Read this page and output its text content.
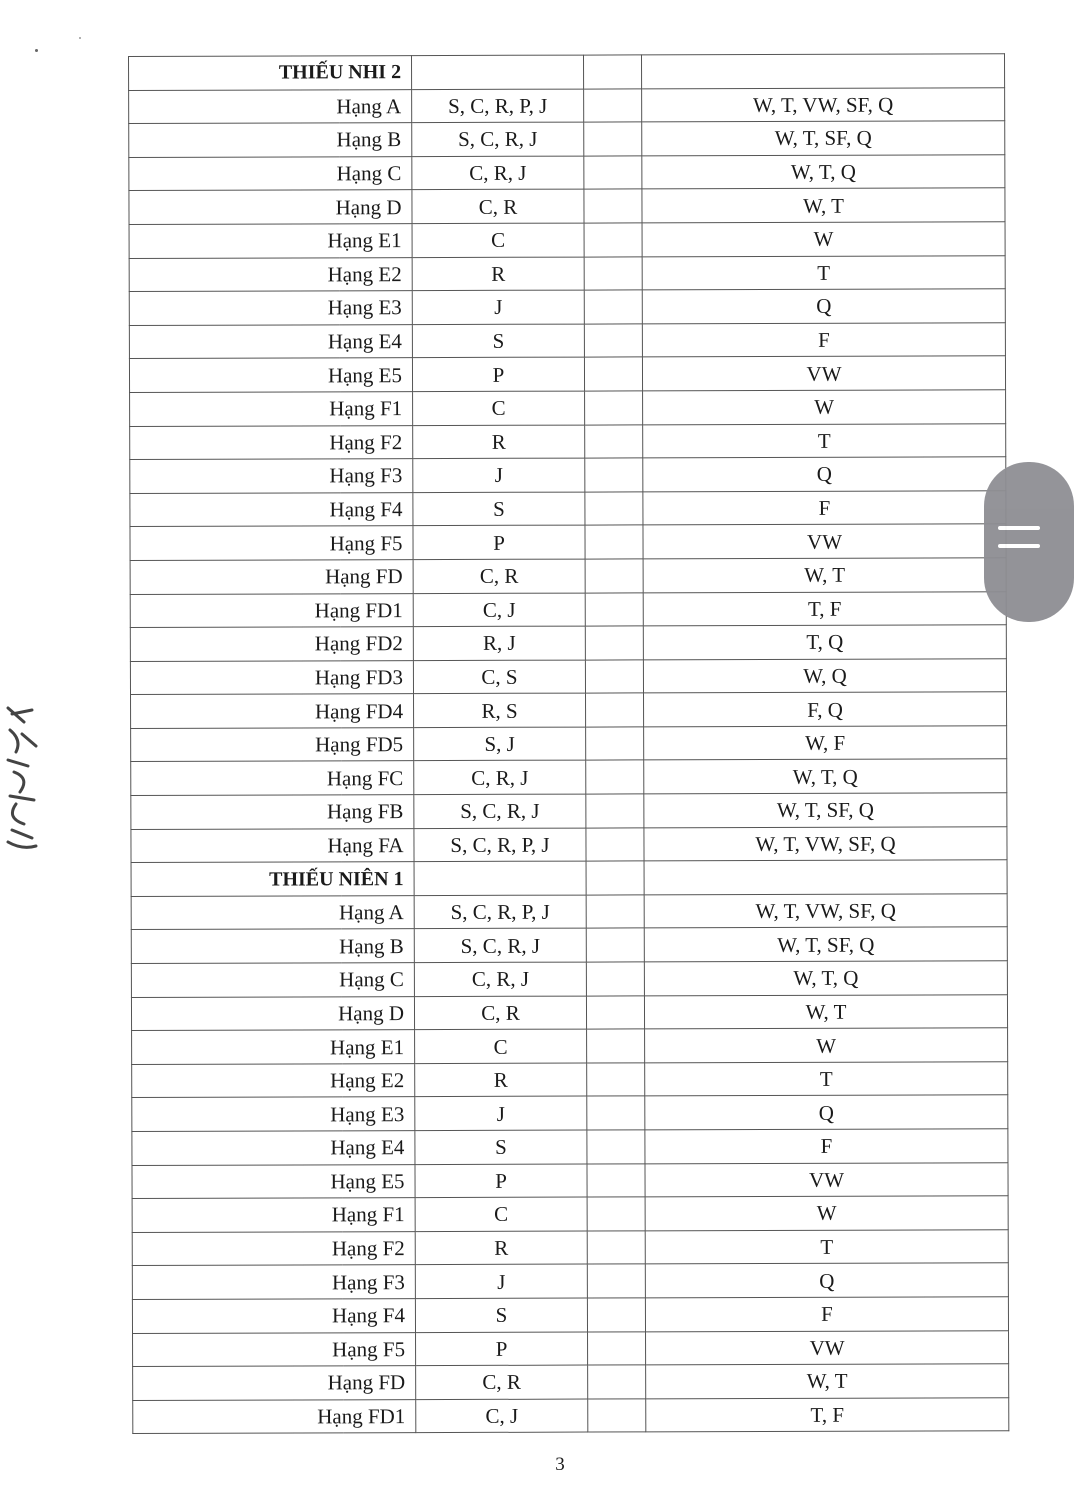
THIẾU NHI 2			
Hạng A	S, C, R, P, J		W, T, VW, SF, Q
Hạng B	S, C, R, J		W, T, SF, Q
Hạng C	C, R, J		W, T, Q
Hạng D	C, R		W, T
Hạng E1	C		W
Hạng E2	R		T
Hạng E3	J		Q
Hạng E4	S		F
Hạng E5	P		VW
Hạng F1	C		W
Hạng F2	R		T
Hạng F3	J		Q
Hạng F4	S		F
Hạng F5	P		VW
Hạng FD	C, R		W, T
Hạng FD1	C, J		T, F
Hạng FD2	R, J		T, Q
Hạng FD3	C, S		W, Q
Hạng FD4	R, S		F, Q
Hạng FD5	S, J		W, F
Hạng FC	C, R, J		W, T, Q
Hạng FB	S, C, R, J		W, T, SF, Q
Hạng FA	S, C, R, P, J		W, T, VW, SF, Q
THIẾU NIÊN 1			
Hạng A	S, C, R, P, J		W, T, VW, SF, Q
Hạng B	S, C, R, J		W, T, SF, Q
Hạng C	C, R, J		W, T, Q
Hạng D	C, R		W, T
Hạng E1	C		W
Hạng E2	R		T
Hạng E3	J		Q
Hạng E4	S		F
Hạng E5	P		VW
Hạng F1	C		W
Hạng F2	R		T
Hạng F3	J		Q
Hạng F4	S		F
Hạng F5	P		VW
Hạng FD	C, R		W, T
Hạng FD1	C, J		T, F
3
